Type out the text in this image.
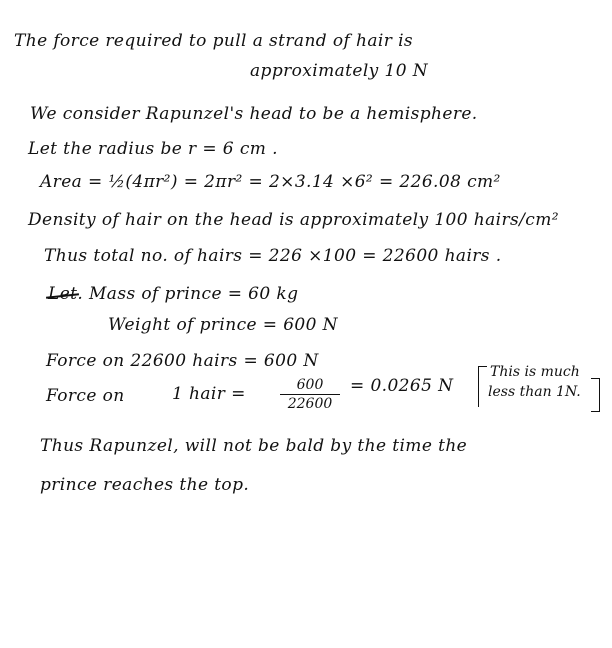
The force required to pull a strand of hair is
approximately 10 N
We consider Rapunzel's head to be a hemisphere.
Let the radius be r = 6 cm .
Area = ½(4πr²) = 2πr² = 2×3.14 ×6² = 226.08 cm²
Density of hair on the head is approximately 100 hairs/cm²
Thus total no. of hairs = 226 ×100 = 22600 hairs .
Let. Mass of prince = 60 kg
Weight of prince = 600 N
Force on 22600 hairs = 600 N
Force on	1 hair =	600
22600
= 0.0265 N
This is much
less than 1N.
Thus Rapunzel, will not be bald by the time the
prince reaches the top.
